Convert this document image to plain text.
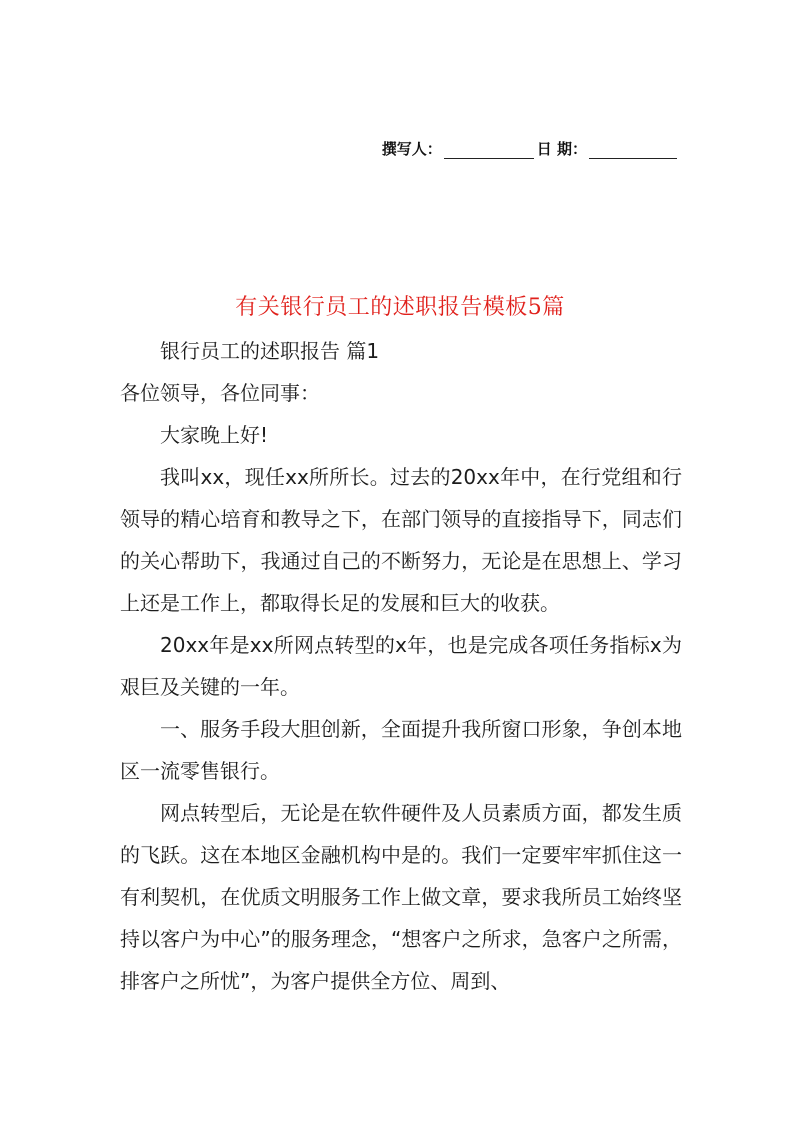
撰写人：	日 期：
有关银行员工的述职报告模板5篇

银行员工的述职报告 篇1

各位领导，各位同事：

大家晚上好!

我叫xx，现任xx所所长。过去的20xx年中，在行党组和行领导的精心培育和教导之下，在部门领导的直接指导下，同志们的关心帮助下，我通过自己的不断努力，无论是在思想上、学习上还是工作上，都取得长足的发展和巨大的收获。

20xx年是xx所网点转型的x年，也是完成各项任务指标x为艰巨及关键的一年。

一、服务手段大胆创新，全面提升我所窗口形象，争创本地区一流零售银行。

网点转型后，无论是在软件硬件及人员素质方面，都发生质的飞跃。这在本地区金融机构中是的。我们一定要牢牢抓住这一有利契机，在优质文明服务工作上做文章，要求我所员工始终坚持以客户为中心”的服务理念，“想客户之所求，急客户之所需，排客户之所忧”，为客户提供全方位、周到、
